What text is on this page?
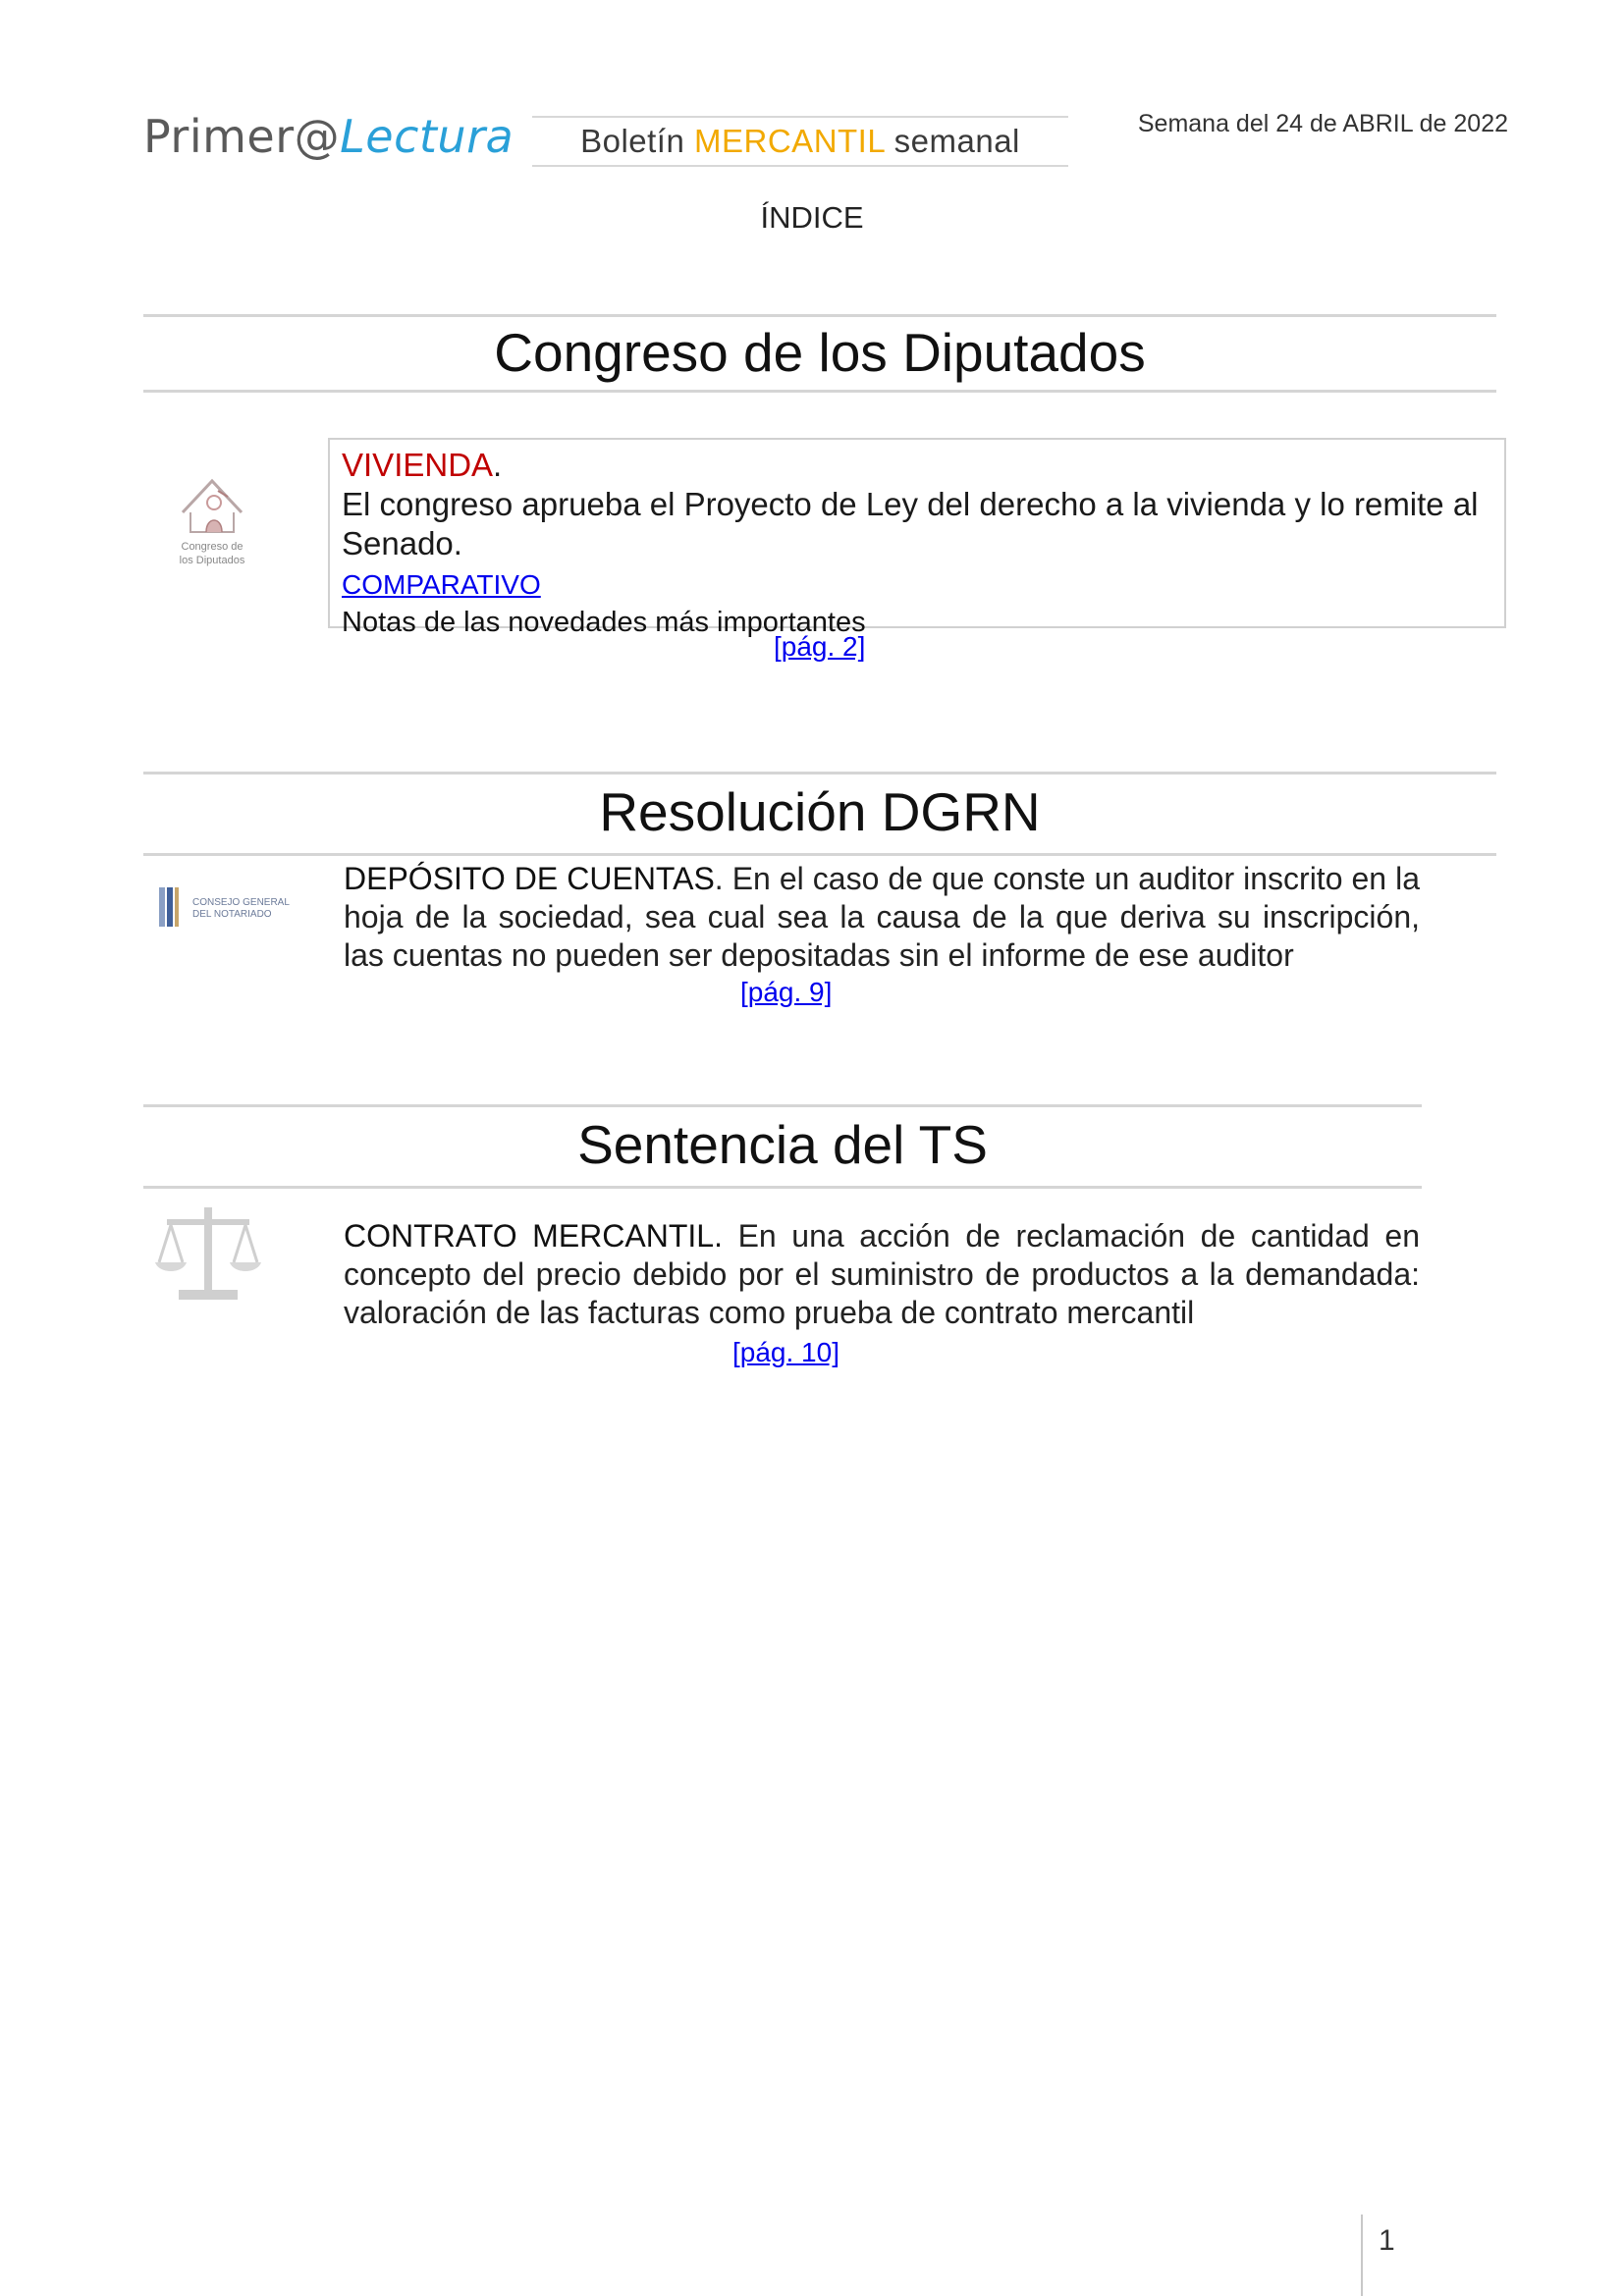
Primer@Lectura	Boletín MERCANTIL semanal	Semana del 24 de ABRIL de 2022
ÍNDICE
Congreso de los Diputados
Congreso de
los Diputados
VIVIENDA.
El congreso aprueba el Proyecto de Ley del derecho a la vivienda y lo remite al Senado.
COMPARATIVO
Notas de las novedades más importantes
[pág. 2]
Resolución DGRN
CONSEJO GENERAL
DEL NOTARIADO
DEPÓSITO DE CUENTAS. En el caso de que conste un auditor inscrito en la hoja de la sociedad, sea cual sea la causa de la que deriva su inscripción, las cuentas no pueden ser depositadas sin el informe de ese auditor
[pág. 9]
Sentencia del TS
CONTRATO MERCANTIL. En una acción de reclamación de cantidad en concepto del precio debido por el suministro de productos a la demandada: valoración de las facturas como prueba de contrato mercantil
[pág. 10]
1
